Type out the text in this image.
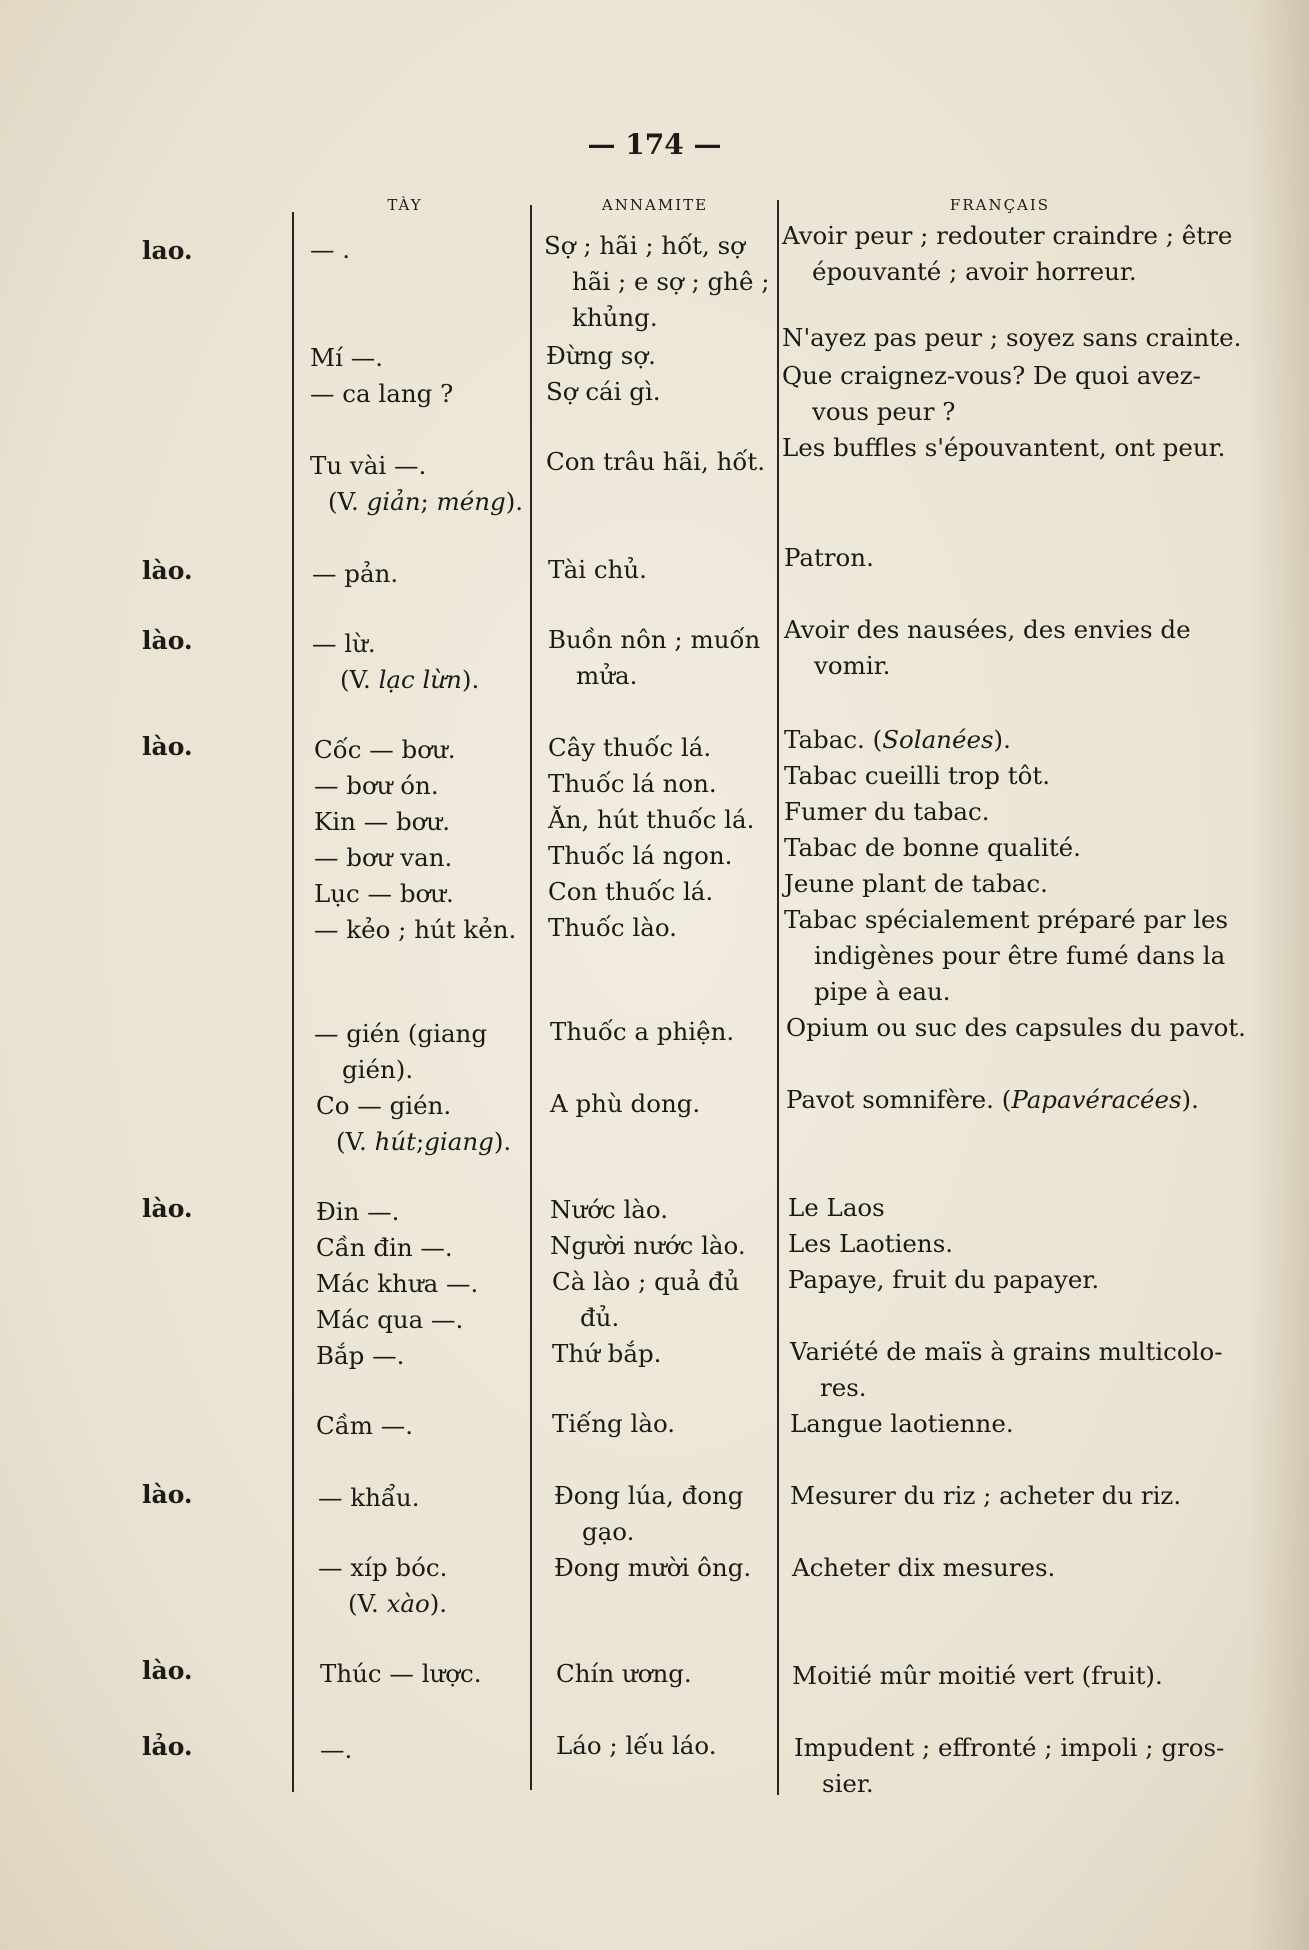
— 174 —
TÀY	ANNAMITE	FRANÇAIS
lao.
lào.
lào.
lào.
lào.
lào.
lào.
lảo.
— .
Mí —.
— ca lang ?
Tu vài —.
(V. giản; méng).
— pản.
— lừ.
(V. lạc lừn).
Cốc — bơư.
— bơư ón.
Kin — bơư.
— bơư van.
Lục — bơư.
— kẻo ; hút kẻn.
— gién (giang
gién).
Co — gién.
(V. hút;giang).
Đin —.
Cần đin —.
Mác khưa —.
Mác qua —.
Bắp —.
Cầm —.
— khẩu.
— xíp bóc.
(V. xào).
Thúc — lược.
—.
Sợ ; hãi ; hốt, sợ
hãi ; e sợ ; ghê ;
khủng.
Đừng sợ.
Sợ cái gì.
Con trâu hãi, hốt.
Tài chủ.
Buồn nôn ; muốn
mửa.
Cây thuốc lá.
Thuốc lá non.
Ăn, hút thuốc lá.
Thuốc lá ngon.
Con thuốc lá.
Thuốc lào.
Thuốc a phiện.
A phù dong.
Nước lào.
Người nước lào.
Cà lào ; quả đủ
đủ.
Thứ bắp.
Tiếng lào.
Đong lúa, đong
gạo.
Đong mười ông.
Chín ương.
Láo ; lếu láo.
Avoir peur ; redouter craindre ; être
épouvanté ; avoir horreur.
N'ayez pas peur ; soyez sans crainte.
Que craignez-vous? De quoi avez-
vous peur ?
Les buffles s'épouvantent, ont peur.
Patron.
Avoir des nausées, des envies de
vomir.
Tabac. (Solanées).
Tabac cueilli trop tôt.
Fumer du tabac.
Tabac de bonne qualité.
Jeune plant de tabac.
Tabac spécialement préparé par les
indigènes pour être fumé dans la
pipe à eau.
Opium ou suc des capsules du pavot.
Pavot somnifère. (Papavéracées).
Le Laos
Les Laotiens.
Papaye, fruit du papayer.
Variété de maïs à grains multicolo-
res.
Langue laotienne.
Mesurer du riz ; acheter du riz.
Acheter dix mesures.
Moitié mûr moitié vert (fruit).
Impudent ; effronté ; impoli ; gros-
sier.
